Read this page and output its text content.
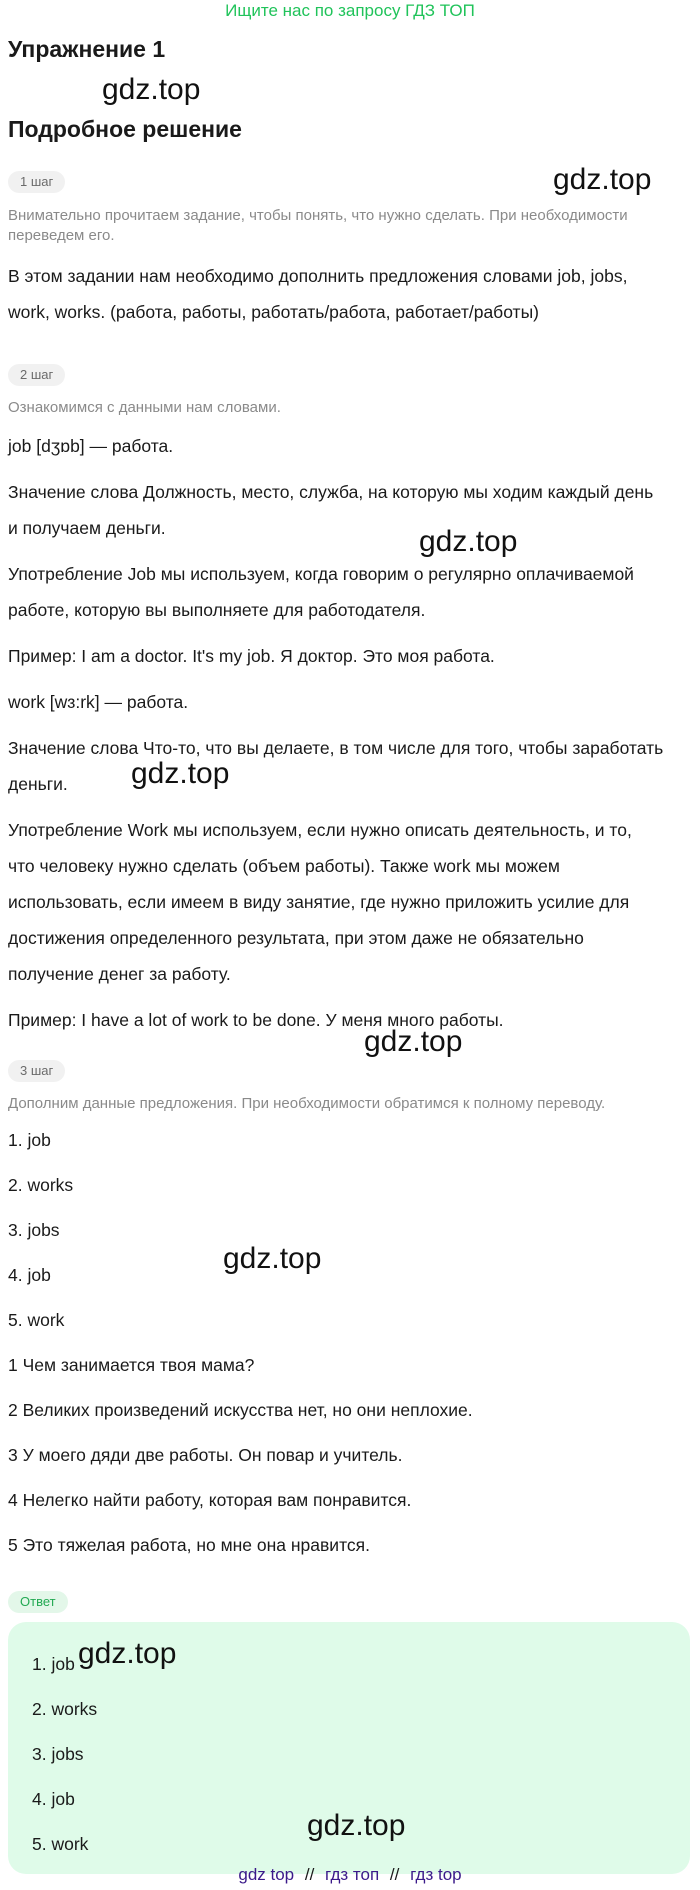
Ищите нас по запросу ГДЗ ТОП
Упражнение 1
gdz.top
Подробное решение
1 шаг	gdz.top
Внимательно прочитаем задание, чтобы понять, что нужно сделать. При необходимости переведем его.
В этом задании нам необходимо дополнить предложения словами job, jobs,
work, works. (работа, работы, работать/работа, работает/работы)
2 шаг
Ознакомимся с данными нам словами.
job [dʒɒb] — работа.
Значение слова Должность, место, служба, на которую мы ходим каждый день
и получаем деньги.	gdz.top
Употребление Job мы используем, когда говорим о регулярно оплачиваемой
работе, которую вы выполняете для работодателя.
Пример: I am a doctor. It's my job. Я доктор. Это моя работа.
work [wɜ:rk] — работа.
Значение слова Что-то, что вы делаете, в том числе для того, чтобы заработать
деньги. gdz.top
Употребление Work мы используем, если нужно описать деятельность, и то,
что человеку нужно сделать (объем работы). Также work мы можем
использовать, если имеем в виду занятие, где нужно приложить усилие для
достижения определенного результата, при этом даже не обязательно
получение денег за работу.
Пример: I have a lot of work to be done. У меня много работы.
gdz.top
3 шаг
Дополним данные предложения. При необходимости обратимся к полному переводу.
1. job
2. works
3. jobs
4. job	gdz.top
5. work
1 Чем занимается твоя мама?
2 Великих произведений искусства нет, но они неплохие.
3 У моего дяди две работы. Он повар и учитель.
4 Нелегко найти работу, которая вам понравится.
5 Это тяжелая работа, но мне она нравится.
Ответ
1. job gdz.top
2. works
3. jobs
4. job
5. work
gdz.top
gdz top // гдз топ // гдз top
